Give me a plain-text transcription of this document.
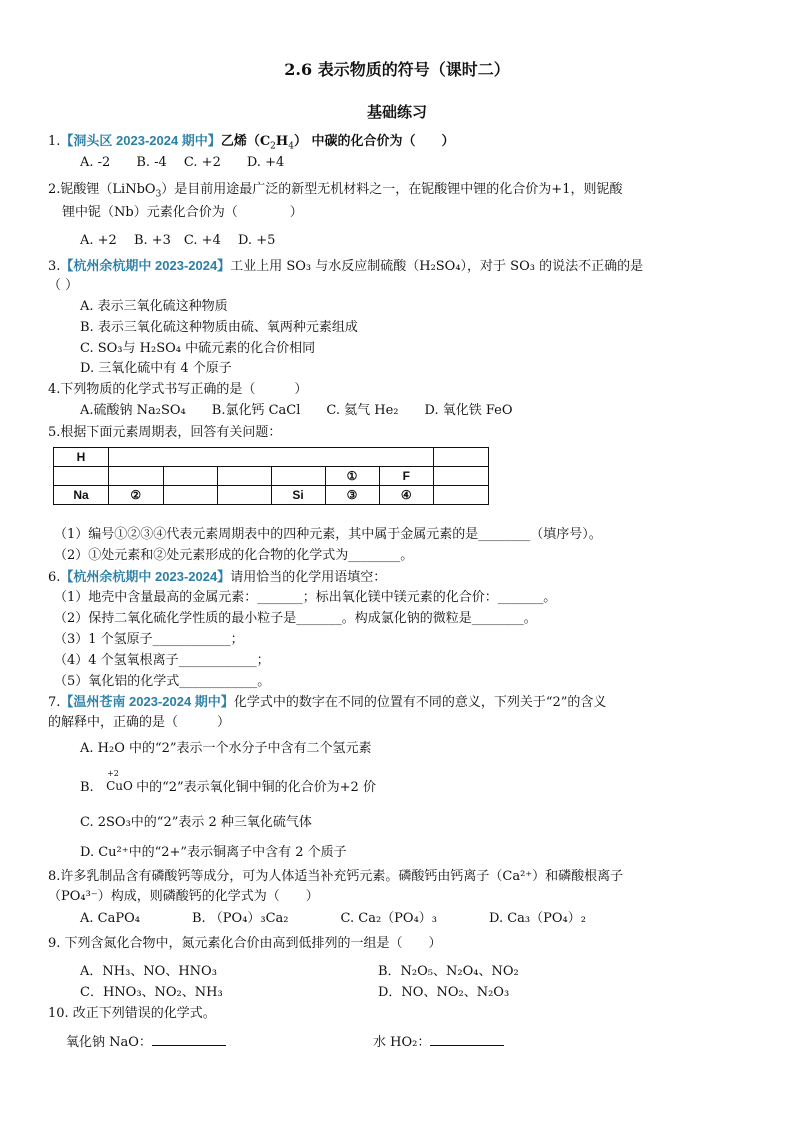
2.6 表示物质的符号（课时二）
基础练习
1.【洞头区 2023-2024 期中】乙烯$(C_2H_4)$ 中碳的化合价为（　　）
A. -2　　B. -4　 C. +2　　D. +4
2.铌酸锂（LiNbO$_3$）是目前用途最广泛的新型无机材料之一，在铌酸锂中锂的化合价为+1，则铌酸
锂中铌（Nb）元素化合价为（　　　　）
A. +2　 B. +3　C. +4　 D. +5
3.【杭州余杭期中 2023-2024】工业上用 SO₃ 与水反应制硫酸（H₂SO₄），对于 SO₃ 的说法不正确的是
（ ）
A. 表示三氧化硫这种物质
B. 表示三氧化硫这种物质由硫、氧两种元素组成
C. SO₃与 H₂SO₄ 中硫元素的化合价相同
D. 三氧化硫中有 4 个原子
4.下列物质的化学式书写正确的是（　　　）
A.硫酸钠 Na₂SO₄　　B.氯化钙 CaCl　　C. 氦气 He₂　　D. 氧化铁 FeO
5.根据下面元素周期表，回答有关问题：
H							
					①	F	
Na	②			Si	③	④	
（1）编号①②③④代表元素周期表中的四种元素，其中属于金属元素的是________（填序号）。
（2）①处元素和②处元素形成的化合物的化学式为________。
6.【杭州余杭期中 2023-2024】请用恰当的化学用语填空：
（1）地壳中含量最高的金属元素：_______；标出氧化镁中镁元素的化合价：_______。
（2）保持二氧化硫化学性质的最小粒子是_______。构成氯化钠的微粒是________。
（3）1 个氢原子____________；
（4）4 个氢氧根离子____________；
（5）氧化铝的化学式____________。
7.【温州苍南 2023-2024 期中】化学式中的数字在不同的位置有不同的意义，下列关于“2”的含义
的解释中，正确的是（　　　）
A. H₂O 中的“2”表示一个水分子中含有二个氢元素
B.
+2
CuO 中的“2”表示氧化铜中铜的化合价为+2 价
C. 2SO₃中的“2”表示 2 种三氧化硫气体
D. Cu²⁺中的“2+”表示铜离子中含有 2 个质子
8.许多乳制品含有磷酸钙等成分，可为人体适当补充钙元素。磷酸钙由钙离子（Ca²⁺）和磷酸根离子
（PO₄³⁻）构成，则磷酸钙的化学式为（　　）
A. CaPO₄　　　　B. （PO₄）₃Ca₂　　　　C. Ca₂（PO₄）₃　　　　D. Ca₃（PO₄）₂
9. 下列含氮化合物中，氮元素化合价由高到低排列的一组是（　　）
A．NH₃、NO、HNO₃	B．N₂O₅、N₂O₄、NO₂
C．HNO₃、NO₂、NH₃	D．NO、NO₂、N₂O₃
10. 改正下列错误的化学式。
氧化钠 NaO：	水 HO₂：
